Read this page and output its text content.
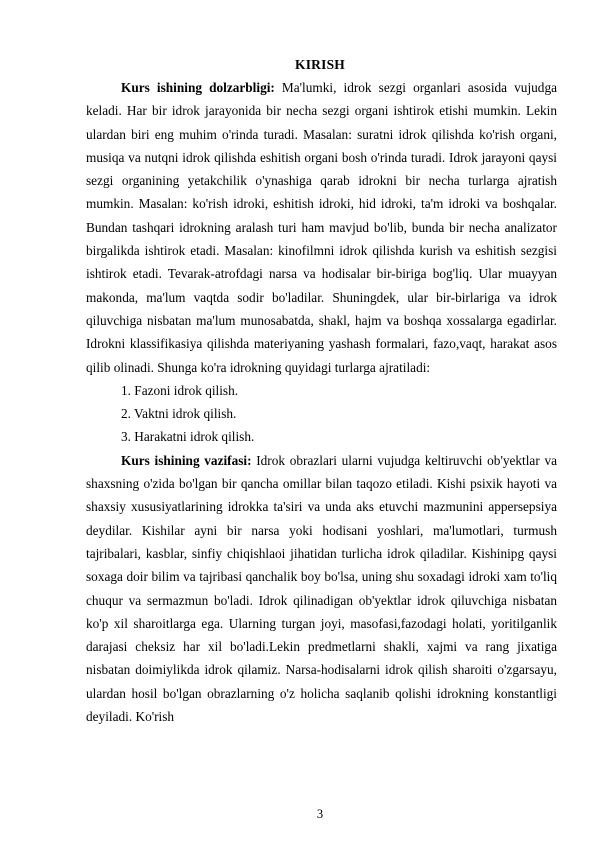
KIRISH

Kurs ishining dolzarbligi: Ma'lumki, idrok sezgi organlari asosida vujudga keladi. Har bir idrok jarayonida bir necha sezgi organi ishtirok etishi mumkin. Lekin ulardan biri eng muhim o'rinda turadi. Masalan: suratni idrok qilishda ko'rish organi, musiqa va nutqni idrok qilishda eshitish organi bosh o'rinda turadi. Idrok jarayoni qaysi sezgi organining yetakchilik o'ynashiga qarab idrokni bir necha turlarga ajratish mumkin. Masalan: ko'rish idroki, eshitish idroki, hid idroki, ta'm idroki va boshqalar. Bundan tashqari idrokning aralash turi ham mavjud bo'lib, bunda bir necha analizator birgalikda ishtirok etadi. Masalan: kinofilmni idrok qilishda kurish va eshitish sezgisi ishtirok etadi. Tevarak-atrofdagi narsa va hodisalar bir-biriga bog'liq. Ular muayyan makonda, ma'lum vaqtda sodir bo'ladilar. Shuningdek, ular bir-birlariga va idrok qiluvchiga nisbatan ma'lum munosabatda, shakl, hajm va boshqa xossalarga egadirlar. Idrokni klassifikasiya qilishda materiyaning yashash formalari, fazo,vaqt, harakat asos qilib olinadi. Shunga ko'ra idrokning quyidagi turlarga ajratiladi:

1. Fazoni idrok qilish.

2. Vaktni idrok qilish.

3. Harakatni idrok qilish.

Kurs ishining vazifasi: Idrok obrazlari ularni vujudga keltiruvchi ob'yektlar va shaxsning o'zida bo'lgan bir qancha omillar bilan taqozo etiladi. Kishi psixik hayoti va shaxsiy xususiyatlarining idrokka ta'siri va unda aks etuvchi mazmunini appersepsiya deydilar. Kishilar ayni bir narsa yoki hodisani yoshlari, ma'lumotlari, turmush tajribalari, kasblar, sinfiy chiqishlaoi jihatidan turlicha idrok qiladilar. Kishinipg qaysi soxaga doir bilim va tajribasi qanchalik boy bo'lsa, uning shu soxadagi idroki xam to'liq chuqur va sermazmun bo'ladi. Idrok qilinadigan ob'yektlar idrok qiluvchiga nisbatan ko'p xil sharoitlarga ega. Ularning turgan joyi, masofasi,fazodagi holati, yoritilganlik darajasi cheksiz har xil bo'ladi.Lekin predmetlarni shakli, xajmi va rang jixatiga nisbatan doimiylikda idrok qilamiz. Narsa-hodisalarni idrok qilish sharoiti o'zgarsayu, ulardan hosil bo'lgan obrazlarning o'z holicha saqlanib qolishi idrokning konstantligi deyiladi. Ko'rish

3
